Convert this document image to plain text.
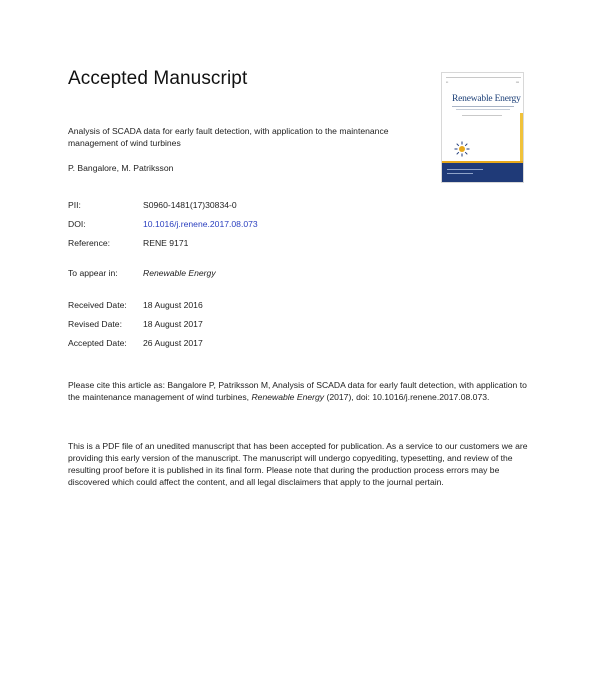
Accepted Manuscript
Analysis of SCADA data for early fault detection, with application to the maintenance management of wind turbines
P. Bangalore, M. Patriksson
PII:	S0960-1481(17)30834-0
DOI:	10.1016/j.renene.2017.08.073
Reference:	RENE 9171
To appear in:	Renewable Energy
Received Date: 18 August 2016
Revised Date: 18 August 2017
Accepted Date: 26 August 2017
Please cite this article as: Bangalore P, Patriksson M, Analysis of SCADA data for early fault detection, with application to the maintenance management of wind turbines, Renewable Energy (2017), doi: 10.1016/j.renene.2017.08.073.
This is a PDF file of an unedited manuscript that has been accepted for publication. As a service to our customers we are providing this early version of the manuscript. The manuscript will undergo copyediting, typesetting, and review of the resulting proof before it is published in its final form. Please note that during the production process errors may be discovered which could affect the content, and all legal disclaimers that apply to the journal pertain.
▪▪	▪▪▪
Renewable Energy
